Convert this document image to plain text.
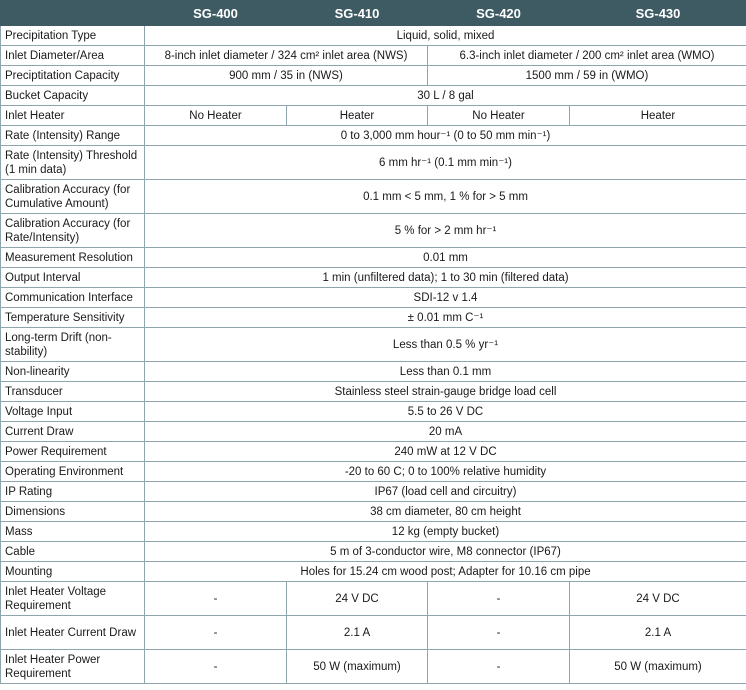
	SG-400	SG-410	SG-420	SG-430
Precipitation Type	Liquid, solid, mixed			
Inlet Diameter/Area	8-inch inlet diameter / 324 cm² inlet area (NWS)		6.3-inch inlet diameter / 200 cm² inlet area (WMO)	
Preciptitation Capacity	900 mm / 35 in (NWS)		1500 mm / 59 in (WMO)	
Bucket Capacity	30 L / 8 gal			
Inlet Heater	No Heater	Heater	No Heater	Heater
Rate (Intensity) Range	0 to 3,000 mm hour⁻¹ (0 to 50 mm min⁻¹)			
Rate (Intensity) Threshold (1 min data)	6 mm hr⁻¹ (0.1 mm min⁻¹)			
Calibration Accuracy (for Cumulative Amount)	0.1 mm < 5 mm, 1 % for > 5 mm			
Calibration Accuracy (for Rate/Intensity)	5 % for > 2 mm hr⁻¹			
Measurement Resolution	0.01 mm			
Output Interval	1 min (unfiltered data); 1 to 30 min (filtered data)			
Communication Interface	SDI-12 v 1.4			
Temperature Sensitivity	± 0.01 mm C⁻¹			
Long-term Drift (non-stability)	Less than 0.5 % yr⁻¹			
Non-linearity	Less than 0.1 mm			
Transducer	Stainless steel strain-gauge bridge load cell			
Voltage Input	5.5 to 26 V DC			
Current Draw	20 mA			
Power Requirement	240 mW at 12 V DC			
Operating Environment	-20 to 60 C; 0 to 100% relative humidity			
IP Rating	IP67 (load cell and circuitry)			
Dimensions	38 cm diameter, 80 cm height			
Mass	12 kg (empty bucket)			
Cable	5 m of 3-conductor wire, M8 connector (IP67)			
Mounting	Holes for 15.24 cm wood post; Adapter for 10.16 cm pipe			
Inlet Heater Voltage Requirement	-	24 V DC	-	24 V DC
Inlet Heater Current Draw	-	2.1 A	-	2.1 A
Inlet Heater Power Requirement	-	50 W (maximum)	-	50 W (maximum)
